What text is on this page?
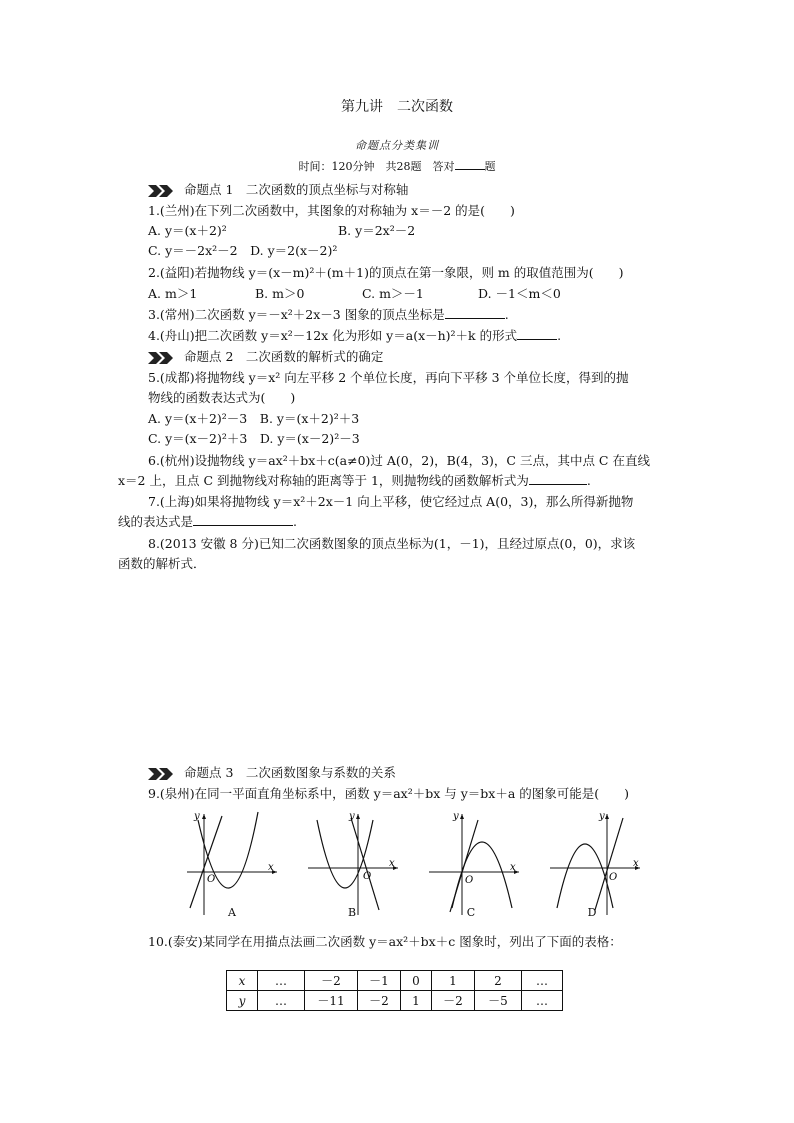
第九讲　二次函数
命题点分类集训
时间：120分钟　共28题　答对	题
命题点 1　二次函数的顶点坐标与对称轴
1.(兰州)在下列二次函数中，其图象的对称轴为 x＝－2 的是(　　)
A. y＝(x＋2)²	B. y＝2x²－2
C. y＝－2x²－2　D. y＝2(x－2)²
2.(益阳)若抛物线 y＝(x－m)²＋(m＋1)的顶点在第一象限，则 m 的取值范围为(　　)
A. m＞1	B. m＞0	C. m＞－1	D. －1＜m＜0
3.(常州)二次函数 y＝－x²＋2x－3 图象的顶点坐标是	.
4.(舟山)把二次函数 y＝x²－12x 化为形如 y＝a(x－h)²＋k 的形式	.
命题点 2　二次函数的解析式的确定
5.(成都)将抛物线 y＝x² 向左平移 2 个单位长度，再向下平移 3 个单位长度，得到的抛
物线的函数表达式为(　　)
A. y＝(x＋2)²－3　B. y＝(x＋2)²＋3
C. y＝(x－2)²＋3　D. y＝(x－2)²－3
6.(杭州)设抛物线 y＝ax²＋bx＋c(a≠0)过 A(0，2)，B(4，3)，C 三点，其中点 C 在直线
x＝2 上，且点 C 到抛物线对称轴的距离等于 1，则抛物线的函数解析式为	.
7.(上海)如果将抛物线 y＝x²＋2x－1 向上平移，使它经过点 A(0，3)，那么所得新抛物
线的表达式是	.
8.(2013 安徽 8 分)已知二次函数图象的顶点坐标为(1，－1)，且经过原点(0，0)，求该
函数的解析式．
命题点 3　二次函数图象与系数的关系
9.(泉州)在同一平面直角坐标系中，函数 y＝ax²＋bx 与 y＝bx＋a 的图象可能是(　　)
y
x
O
A
y
x
O
B
y
x
O
C
y
x
O
D
10.(泰安)某同学在用描点法画二次函数 y＝ax²＋bx＋c 图象时，列出了下面的表格：
x	…	－2	－1	0	1	2	…
y	…	－11	－2	1	－2	－5	…
